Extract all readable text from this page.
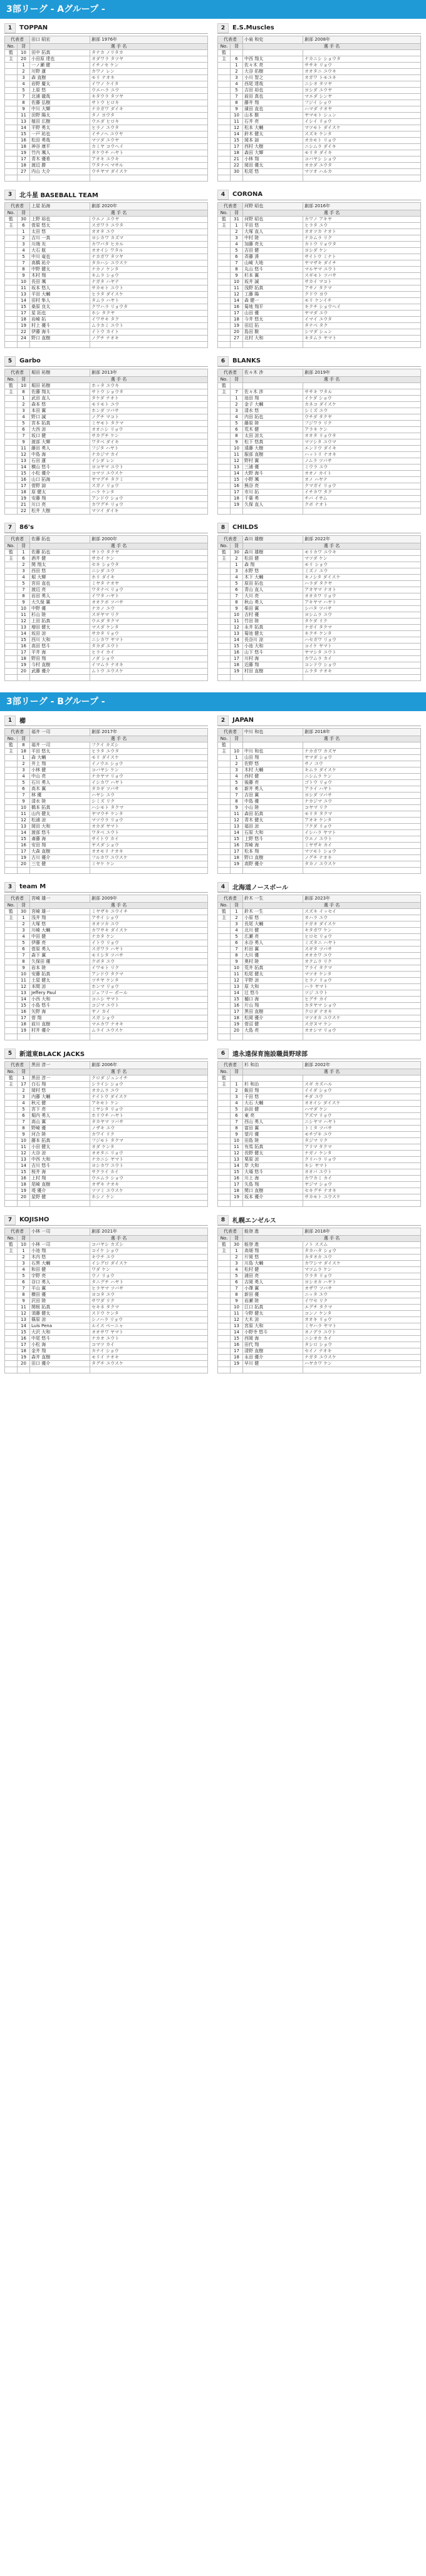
3部リーグ - Aグループ -
1	TOPPAN
代表者		田口 昭宏	創部 1976年
No.	背	選 手 名	
監	10	田中 拓真	タナカ ノリタカ
主	20	小田原 達也	オダワラ タツヤ
	1	一ノ瀬 健	イチノセ ケン
	2	川野 蓮	カワノ レン
	3	森 直樹	モリ ナオキ
	4	岩野 慶太	イワノ ケイタ
	5	上原 悠	ウエハラ ユウ
	7	北浦 龍哉	キタウラ タツヤ
	8	佐藤 弘樹	サトウ ヒロキ
	9	中川 大輝	ナカガワ ダイキ
	11	田野 陽太	タノ ヨウタ
	13	植田 広樹	ウエダ ヒロキ
	14	平野 勇太	ヒラノ ユウタ
	15	一戸 祐也	イチノヘ ユウヤ
	16	松田 勇哉	マツダ ユウヤ
	18	神谷 康平	カミヤ コウヘイ
	19	竹内 颯人	タケウチ ハヤト
	17	青木 優希	アオキ ユウキ
	18	渡辺 勝	ワタナベ マサル
	27	内山 大介	ウチヤマ ダイスケ

2	E.S.Muscles
代表者		小泉 和史	創部 2008年
No.	背	選 手 名	
監			
主	6	中西 翔太	ナカニシ ショウタ
	1	佐々木 亮	ササキ リョウ
	2	大谷 佑樹	オオタニ ユウキ
	3	小川 智之	オガワ トモユキ
	4	西尾 達哉	ニシオ タツヤ
	5	吉田 裕也	ヨシダ ユウヤ
	7	前田 真也	マエダ シンヤ
	8	藤井 翔	フジイ ショウ
	9	濱田 直也	ハマダ ナオヤ
	10	山本 駿	ヤマモト シュン
	11	石井 亮	イシイ リョウ
	12	松本 大輔	マツモト ダイスケ
	14	鈴木 健太	スズキ ケンタ
	15	岡本 諒	オカモト リョウ
	17	西村 大樹	ニシムラ ダイキ
	18	森田 大輝	モリタ ダイキ
	21	小林 翔	コバヤシ ショウ
	22	岡田 優太	オカダ ユウタ
	30	松尾 悠	マツオ ハルカ

3	北斗星 BASEBALL TEAM
代表者		上屋 拓海	創部 2020年
No.	背	選 手 名	
監	30	上野 裕也	ウエノ ユウヤ
主	6	菅原 悠太	スガワラ ユウタ
	1	太田 悠	オオタ ユウ
	2	吉川 一真	ヨシカワ カズマ
	3	川端 光	カワバタ ヒカル
	4	大石 航	オオイシ ワタル
	5	中川 竜也	ナカガワ タツヤ
	7	高橋 祐介	タカハシ ユウスケ
	8	中野 健太	ナカノ ケンタ
	9	木村 翔	キムラ ショウ
	10	長田 颯	ナガタ ハヤテ
	11	坂本 悠人	サカモト ユウト
	13	平田 大輔	ヒラタ ダイスケ
	14	田村 隼人	タムラ ハヤト
	15	桑原 良太	クワハラ リョウタ
	17	星 拓也	ホシ タクヤ
	18	岩崎 拓	イワサキ タク
	19	村上 優斗	ムラカミ ユウト
	22	伊藤 海斗	イトウ カイト
	24	野口 直樹	ノグチ ナオキ

4	CORONA
代表者		河野 昭也	創部 2016年
No.	背	選 手 名	
監	31	河野 昭也	カワノ アキヤ
主	1	平田 悠	ヒラタ ユウ
	2	大塚 直人	オオツカ ナオト
	3	中村 陸	ナカムラ リク
	4	加藤 亮太	カトウ リョウタ
	5	吉田 健	ヨシダ ケン
	6	斉藤 湊	サイトウ ミナト
	7	山崎 大地	ヤマザキ ダイチ
	8	丸山 悠斗	マルヤマ ユウト
	9	杉本 翼	スギモト ツバサ
	10	坂井 誠	サカイ マコト
	11	浅野 拓真	アサノ タクマ
	12	工藤 陽	クドウ ヨウ
	14	森 健一	モリ ケンイチ
	16	菊地 翔平	キクチ ショウヘイ
	17	山田 優	ヤマダ ユウ
	18	今井 悠太	イマイ ユウタ
	19	田辺 拓	タナベ タク
	20	島田 駿	シマダ シュン
	27	北村 大和	キタムラ ヤマト

5	Garbo
代表者		堀田 祐樹	創部 2013年
No.	背	選 手 名	
監	10	堀田 祐樹	ホッタ ユウキ
主	8	佐藤 翔太	サトウ ショウタ
	1	武田 直人	タケダ ナオト
	2	森本 悠	モリモト ユウ
	3	本田 翼	ホンダ ツバサ
	4	野口 誠	ノグチ マコト
	5	宮本 拓真	ミヤモト タクマ
	6	大西 涼	オオニシ リョウ
	7	坂口 健	サカグチ ケン
	9	渡部 大輝	ワタベ ダイキ
	11	藤田 勇人	フジタ ハヤト
	12	中島 海	ナカジマ カイ
	13	石田 蓮	イシダ レン
	14	横山 悠斗	ヨコヤマ ユウト
	15	小松 優介	コマツ ユウスケ
	16	山口 拓海	ヤマグチ タクミ
	17	菅野 諒	スガノ リョウ
	18	原 健太	ハラ ケンタ
	19	安藤 翔	アンドウ ショウ
	21	川口 亮	カワグチ リョウ
	22	松井 大樹	マツイ ダイキ
6	BLANKS
代表者		佐々木 渉	創部 2019年
No.	背	選 手 名	
監			
主	7	佐々木 渉	ササキ ワタル
	1	池田 翔	イケダ ショウ
	2	金子 大輔	カネコ ダイスケ
	3	清水 悠	シミズ ユウ
	4	内田 拓也	ウチダ タクヤ
	5	藤原 陸	フジワラ リク
	6	荒木 健	アラキ ケン
	8	太田 涼太	オオタ リョウタ
	9	松下 悠真	マツシタ ユウマ
	10	遠藤 大樹	エンドウ ダイキ
	11	服部 直樹	ハットリ ナオキ
	12	野村 翼	ノムラ ツバサ
	13	三浦 優	ミウラ ユウ
	14	大野 海斗	オオノ カイト
	15	小野 颯	オノ ハヤテ
	16	熊谷 亮	クマガイ リョウ
	17	市川 拓	イチカワ タク
	18	千葉 勇	チバ イサム
	19	久保 直人	クボ ナオト

7	86's
代表者		佐藤 拓也	創部 2000年
No.	背	選 手 名	
監	1	佐藤 拓也	サトウ タクヤ
主	6	酒井 健	サカイ ケン
	2	関 翔太	セキ ショウタ
	3	西田 悠	ニシダ ユウ
	4	堀 大輝	ホリ ダイキ
	5	宮田 直也	ミヤタ ナオヤ
	7	渡辺 亮	ワタナベ リョウ
	8	岩田 勇人	イワタ ハヤト
	9	大久保 翼	オオクボ ツバサ
	10	中野 優	ナカノ ユウ
	11	杉山 陸	スギヤマ リク
	12	上田 拓真	ウエダ タクマ
	13	増田 健太	マスダ ケンタ
	14	坂田 涼	サカタ リョウ
	15	西川 大和	ニシカワ ヤマト
	16	高田 悠斗	タカダ ユウト
	17	平井 海	ヒライ カイ
	18	野田 翔	ノダ ショウ
	19	今村 直樹	イマムラ ナオキ
	20	武藤 優介	ムトウ ユウスケ

8	CHILDS
代表者		森川 雄樹	創部 2022年
No.	背	選 手 名	
監	30	森川 雄樹	モリカワ ユウキ
主	2	松田 健	マツダ ケン
	1	森 翔	モリ ショウ
	3	水野 悠	ミズノ ユウ
	4	木下 大輔	キノシタ ダイスケ
	5	原田 拓也	ハラダ タクヤ
	6	青山 直人	アオヤマ ナオト
	7	大川 亮	オオカワ リョウ
	8	秋山 勇人	アキヤマ ハヤト
	9	柴田 翼	シバタ ツバサ
	10	吉村 優	ヨシムラ ユウ
	11	竹田 陸	タケダ リク
	12	永井 拓真	ナガイ タクマ
	13	菊池 健太	キクチ ケンタ
	14	長谷川 涼	ハセガワ リョウ
	15	小池 大和	コイケ ヤマト
	16	山下 悠斗	ヤマシタ ユウト
	17	川村 海	カワムラ カイ
	18	近藤 翔	コンドウ ショウ
	19	村田 直樹	ムラタ ナオキ

3部リーグ - Bグループ -
1	櫛
代表者		福井 一司	創部 2017年
No.	背	選 手 名	
監	8	福井 一司	フクイ カズシ
主	18	平田 悠太	ヒラタ ユウタ
	1	森 大輔	モリ ダイスケ
	2	井上 翔	イノウエ ショウ
	3	小林 健	コバヤシ ケン
	4	中山 亮	ナカヤマ リョウ
	5	石川 勇人	イシカワ ハヤト
	6	高木 翼	タカギ ツバサ
	7	林 優	ハヤシ ユウ
	9	清水 陸	シミズ リク
	10	橋本 拓真	ハシモト タクマ
	11	山内 健太	ヤマウチ ケンタ
	12	松浦 涼	マツウラ リョウ
	13	岡田 大和	オカダ ヤマト
	14	渡部 悠斗	ワタベ ユウト
	15	斎藤 海	サイトウ カイ
	16	安田 翔	ヤスダ ショウ
	17	大森 直樹	オオモリ ナオキ
	19	古川 優介	フルカワ ユウスケ
	20	三宅 健	ミヤケ ケン

2	JAPAN
代表者		中川 和也	創部 2018年
No.	背	選 手 名	
監			
主	10	中川 和也	ナカガワ カズヤ
	1	山田 翔	ヤマダ ショウ
	2	佐野 悠	サノ ユウ
	3	木村 大輔	キムラ ダイスケ
	4	西村 健	ニシムラ ケン
	5	後藤 亮	ゴトウ リョウ
	6	新井 勇人	アライ ハヤト
	7	吉田 翼	ヨシダ ツバサ
	8	中島 優	ナカジマ ユウ
	9	小山 陸	コヤマ リク
	11	森田 拓真	モリタ タクマ
	12	青木 健太	アオキ ケンタ
	13	福田 涼	フクダ リョウ
	14	石原 大和	イシハラ ヤマト
	15	上野 悠斗	ウエノ ユウト
	16	宮崎 海	ミヤザキ カイ
	17	松本 翔	マツモト ショウ
	18	野口 直樹	ノグチ ナオキ
	19	高野 優介	タカノ ユウスケ

3	team M
代表者		宮崎 雄一	創部 2009年
No.	背	選 手 名	
監	30	宮崎 雄一	ミヤザキ ユウイチ
主	1	浅井 翔	アサイ ショウ
	2	大塚 悠	オオツカ ユウ
	3	川崎 大輔	カワサキ ダイスケ
	4	中田 健	ナカタ ケン
	5	伊藤 亮	イトウ リョウ
	6	菅原 勇人	スガワラ ハヤト
	7	森下 翼	モリシタ ツバサ
	8	久保田 優	クボタ ユウ
	9	岩本 陸	イワモト リク
	10	安藤 拓真	アンドウ タクマ
	11	土屋 健太	ツチヤ ケンタ
	12	本間 涼	ホンマ リョウ
	13	Jeffery Paul	ジェフリー ポール
	14	小西 大和	コニシ ヤマト
	15	小島 悠斗	コジマ ユウト
	16	矢野 海	ヤノ カイ
	17	菅 翔	スガ ショウ
	18	前川 直樹	マエカワ ナオキ
	19	村井 優介	ムライ ユウスケ

4	北海道ノースボール
代表者		鈴木 一生	創部 2023年
No.	背	選 手 名	
監	1	鈴木 一生	スズキ イッセイ
主	2	小原 悠	オハラ ユウ
	3	長尾 大輔	ナガオ ダイスケ
	4	北川 健	キタガワ ケン
	5	広瀬 亮	ヒロセ リョウ
	6	水谷 勇人	ミズタニ ハヤト
	7	杉田 翼	スギタ ツバサ
	8	大川 優	オオカワ ユウ
	9	奥村 陸	オクムラ リク
	10	荒井 拓真	アライ タクマ
	11	松尾 健太	マツオ ケンタ
	12	平野 涼	ヒラノ リョウ
	13	原 大和	ハラ ヤマト
	14	辻 悠斗	ツジ ユウト
	15	樋口 海	ヒグチ カイ
	16	片山 翔	カタヤマ ショウ
	17	黒田 直樹	クロダ ナオキ
	18	松岡 優介	マツオカ ユウスケ
	19	菅沼 健	スガヌマ ケン
	20	大島 亮	オオシマ リョウ

5	新道東BLACK JACKS
代表者		黒田 淳一	創部 2006年
No.	背	選 手 名	
監	1	黒田 淳一	クロダ ジュンイチ
主	17	白石 翔	シライシ ショウ
	2	岡村 悠	オカムラ ユウ
	3	内藤 大輔	ナイトウ ダイスケ
	4	秋元 健	アキモト ケン
	5	宮下 亮	ミヤシタ リョウ
	6	堀内 勇人	ホリウチ ハヤト
	7	高山 翼	タカヤマ ツバサ
	8	野崎 優	ノザキ ユウ
	9	河合 陸	カワイ リク
	10	藤本 拓真	フジモト タクマ
	11	小田 健太	オダ ケンタ
	12	大谷 涼	オオタニ リョウ
	13	中西 大和	ナカニシ ヤマト
	14	吉川 悠斗	ヨシカワ ユウト
	15	桜井 海	サクライ カイ
	16	上村 翔	ウエムラ ショウ
	18	尾崎 直樹	オザキ ナオキ
	19	堤 優介	ツツミ ユウスケ
	20	星野 健	ホシノ ケン

6	遠永遠保育施設職員野球部
代表者		杉 和治	創部 2002年
No.	背	選 手 名	
監			
主	1	杉 和治	スギ カズハル
	2	飯田 翔	イイダ ショウ
	3	千田 悠	チダ ユウ
	4	大石 大輔	オオイシ ダイスケ
	5	浜田 健	ハマダ ケン
	6	東 亮	アズマ リョウ
	7	西山 勇人	ニシヤマ ハヤト
	8	富田 翼	トミタ ツバサ
	9	望月 優	モチヅキ ユウ
	10	田島 陸	タジマ リク
	11	有馬 拓真	アリマ タクマ
	12	長野 健太	ナガノ ケンタ
	13	栗原 涼	クリハラ リョウ
	14	岸 大和	キシ ヤマト
	15	大場 悠斗	オオバ ユウト
	16	川上 海	カワカミ カイ
	17	矢島 翔	ヤジマ ショウ
	18	関口 直樹	セキグチ ナオキ
	19	坂本 優介	サカモト ユウスケ

7	KOJISHO
代表者		小林 一司	創部 2021年
No.	背	選 手 名	
監	10	小林 一司	コバヤシ カズシ
主	1	小池 翔	コイケ ショウ
	2	木内 悠	キウチ ユウ
	3	石黒 大輔	イシグロ ダイスケ
	4	和田 健	ワダ ケン
	5	宇野 亮	ウノ リョウ
	6	谷口 勇人	タニグチ ハヤト
	7	平山 翼	ヒラヤマ ツバサ
	8	横田 優	ヨコタ ユウ
	9	沢田 陸	サワダ リク
	11	関根 拓真	セキネ タクマ
	12	須藤 健太	スドウ ケンタ
	13	篠原 涼	シノハラ リョウ
	14	Luis Pena	ルイス ペーニャ
	15	大沢 大和	オオサワ ヤマト
	16	中尾 悠斗	ナカオ ユウト
	17	小松 海	コマツ カイ
	18	金井 翔	カナイ ショウ
	19	森井 直樹	モリイ ナオキ
	20	田口 優介	タグチ ユウスケ

8	札幌エンゼルス
代表者		能登 進	創部 2018年
No.	背	選 手 名	
監	30	能登 進	ノト ススム
主	1	高畑 翔	タカハタ ショウ
	2	片岡 悠	カタオカ ユウ
	3	川島 大輔	カワシマ ダイスケ
	4	松村 健	マツムラ ケン
	5	浦田 亮	ウラタ リョウ
	6	吉岡 勇人	ヨシオカ ハヤト
	7	小澤 翼	オザワ ツバサ
	8	新田 優	ニッタ ユウ
	9	岩瀬 陸	イワセ リク
	10	江口 拓真	エグチ タクマ
	11	今野 健太	コンノ ケンタ
	12	大木 涼	オオキ リョウ
	13	宮原 大和	ミヤハラ ヤマト
	14	小野寺 悠斗	オノデラ ユウト
	15	西岡 海	ニシオカ カイ
	16	田代 翔	タシロ ショウ
	17	清野 直樹	セイノ ナオキ
	18	永田 優介	ナガタ ユウスケ
	19	早川 健	ハヤカワ ケン
